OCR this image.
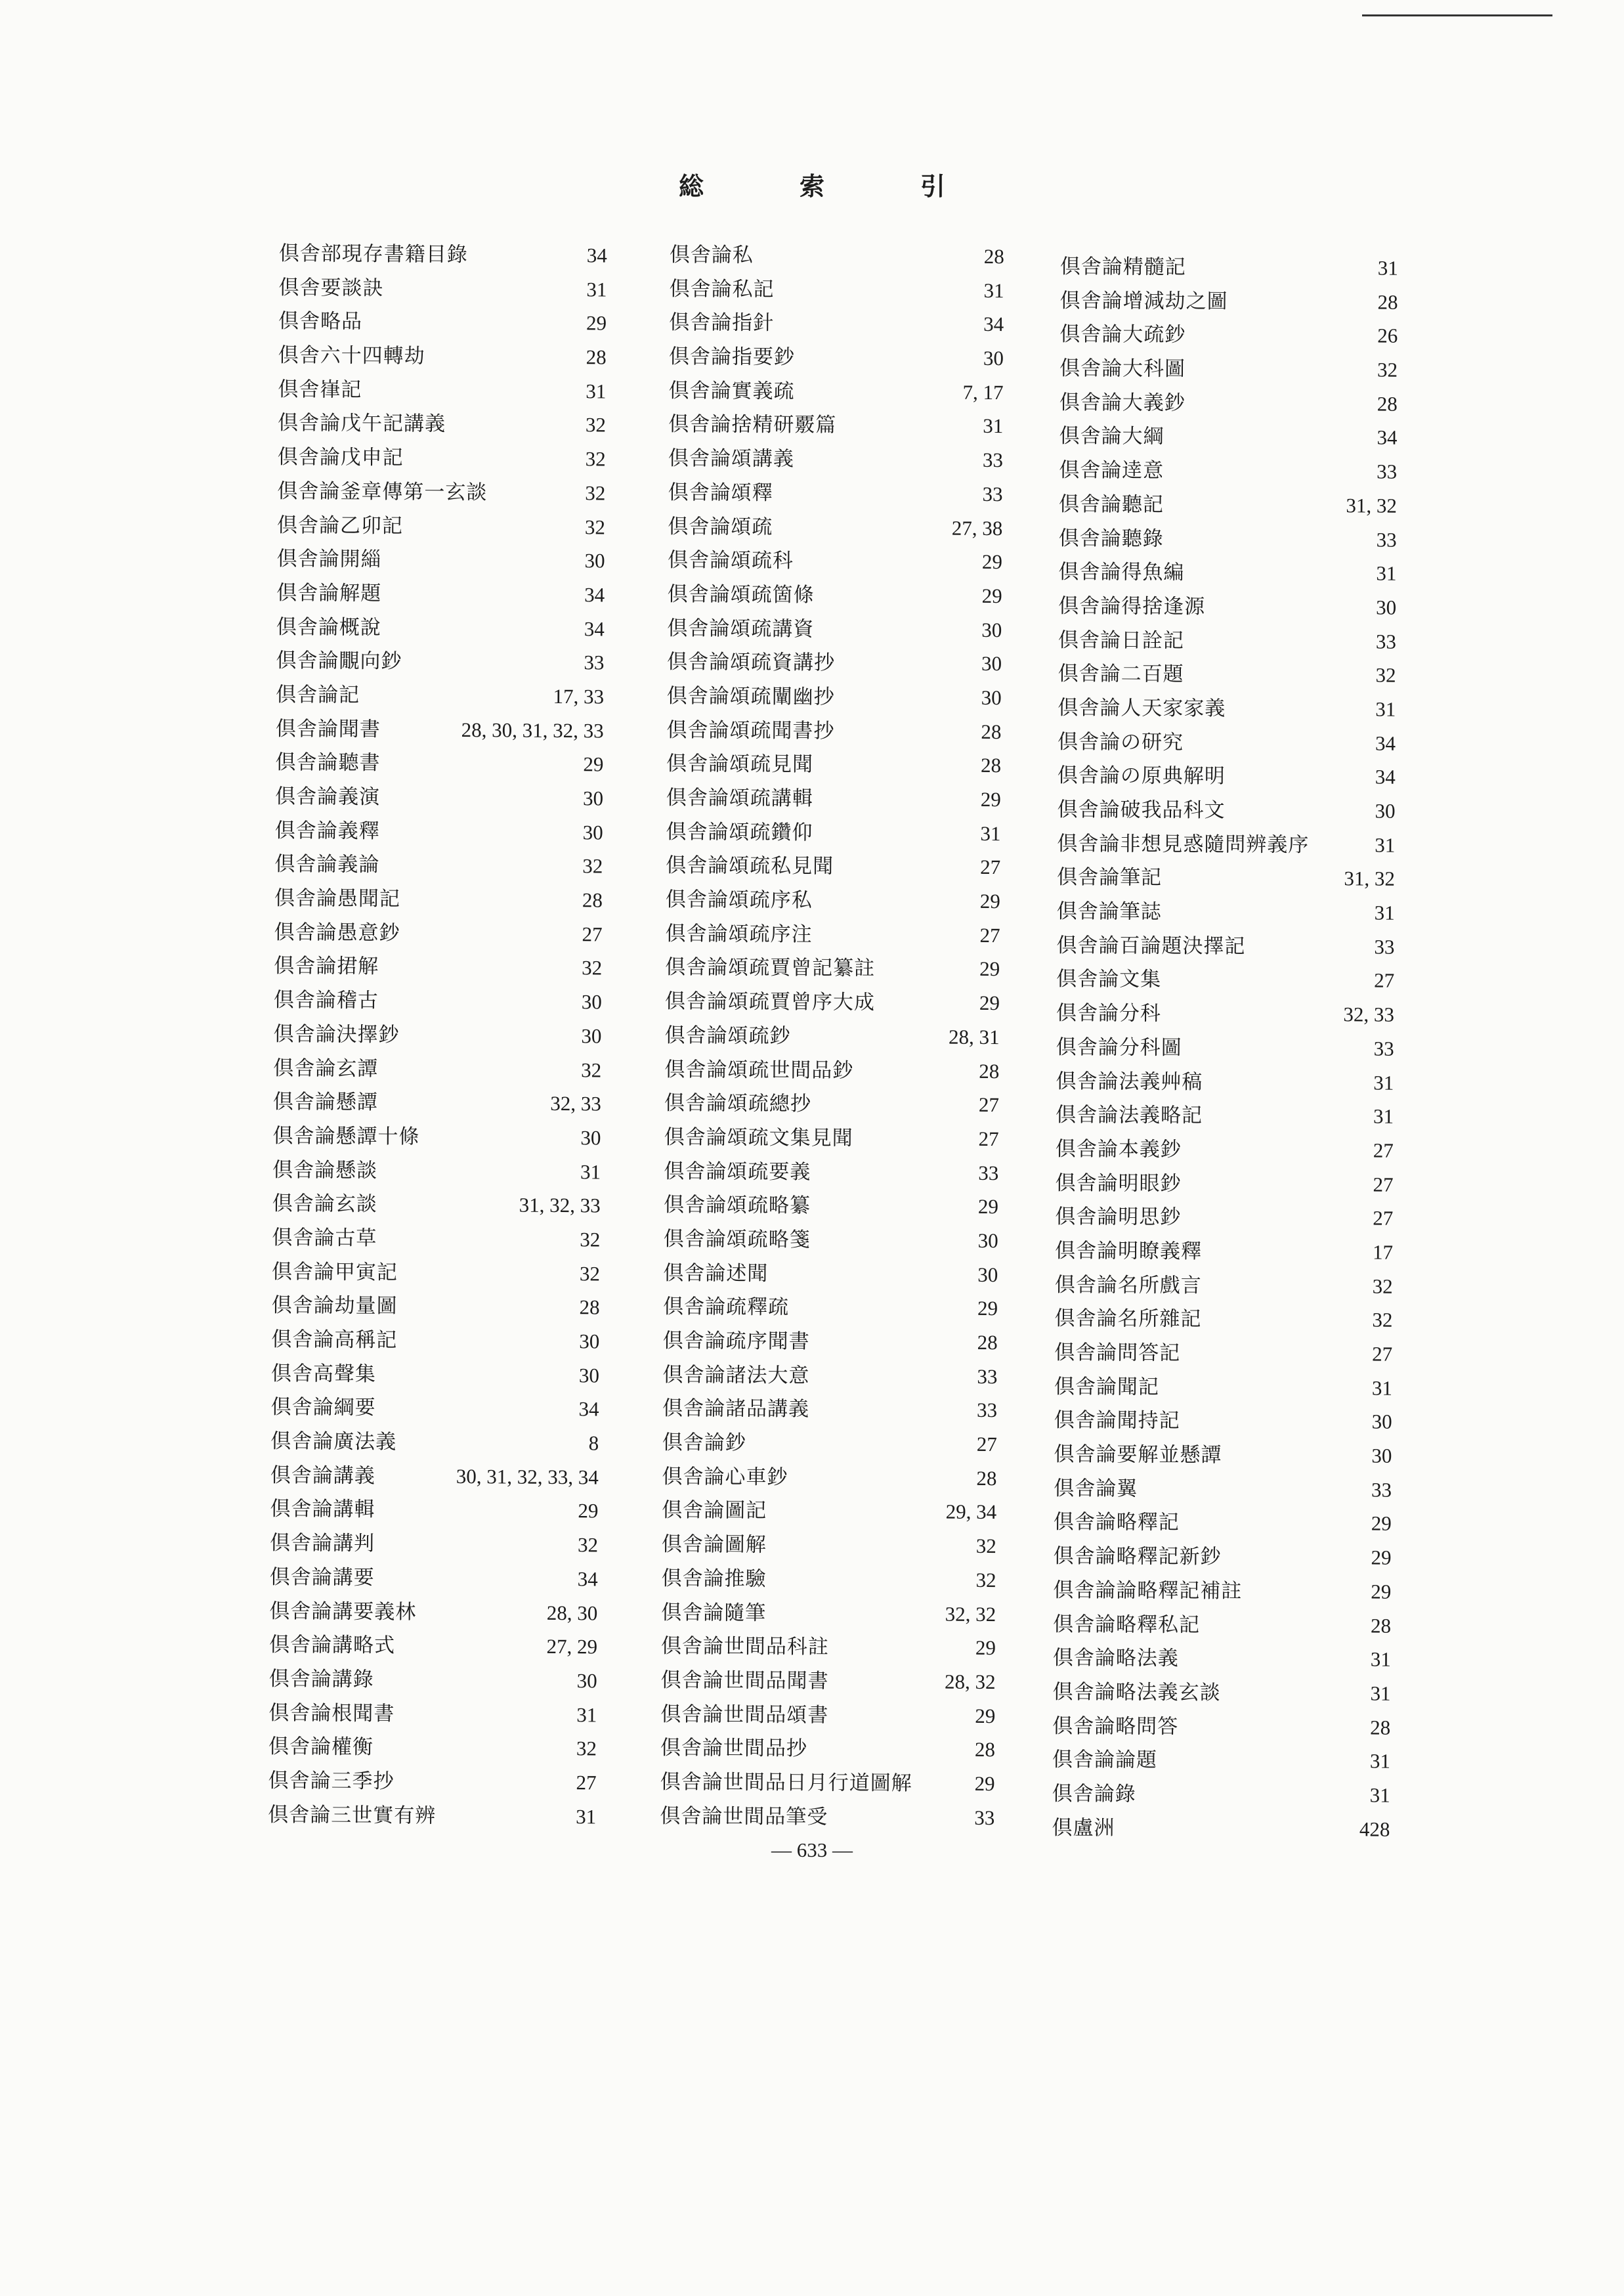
総　索　引
倶舎部現存書籍目錄	34
倶舎要談訣	31
倶舎略品	29
倶舎六十四轉劫	28
倶舎嵂記	31
倶舎論戊午記講義	32
倶舎論戊申記	32
倶舎論釜章傳第一玄談	32
倶舎論乙卯記	32
倶舎論開緇	30
倶舎論解題	34
倶舎論概說	34
倶舎論覵向鈔	33
倶舎論記	17, 33
倶舎論聞書	28, 30, 31, 32, 33
倶舎論聽書	29
倶舎論義演	30
倶舎論義釋	30
倶舎論義論	32
倶舎論愚聞記	28
倶舎論愚意鈔	27
倶舎論捃解	32
倶舎論稽古	30
倶舎論決擇鈔	30
倶舎論玄譚	32
倶舎論懸譚	32, 33
倶舎論懸譚十條	30
倶舎論懸談	31
倶舎論玄談	31, 32, 33
倶舎論古草	32
倶舎論甲寅記	32
倶舎論劫量圖	28
倶舎論高稱記	30
倶舎高聲集	30
倶舎論綱要	34
倶舎論廣法義	8
倶舎論講義	30, 31, 32, 33, 34
倶舎論講輯	29
倶舎論講判	32
倶舎論講要	34
倶舎論講要義林	28, 30
倶舎論講略式	27, 29
倶舎論講錄	30
倶舎論根聞書	31
倶舎論權衡	32
倶舎論三季抄	27
倶舎論三世實有辨	31
倶舎論私	28
倶舎論私記	31
倶舎論指針	34
倶舎論指要鈔	30
倶舎論實義疏	7, 17
倶舎論捨精研覈篇	31
倶舎論頌講義	33
倶舎論頌釋	33
倶舎論頌疏	27, 38
倶舎論頌疏科	29
倶舎論頌疏箇條	29
倶舎論頌疏講資	30
倶舎論頌疏資講抄	30
倶舎論頌疏闡幽抄	30
倶舎論頌疏聞書抄	28
倶舎論頌疏見聞	28
倶舎論頌疏講輯	29
倶舎論頌疏鑽仰	31
倶舎論頌疏私見聞	27
倶舎論頌疏序私	29
倶舎論頌疏序注	27
倶舎論頌疏賈曾記纂註	29
倶舎論頌疏賈曾序大成	29
倶舎論頌疏鈔	28, 31
倶舎論頌疏世間品鈔	28
倶舎論頌疏總抄	27
倶舎論頌疏文集見聞	27
倶舎論頌疏要義	33
倶舎論頌疏略纂	29
倶舎論頌疏略箋	30
倶舎論述聞	30
倶舎論疏釋疏	29
倶舎論疏序聞書	28
倶舎論諸法大意	33
倶舎論諸品講義	33
倶舎論鈔	27
倶舎論心車鈔	28
倶舎論圖記	29, 34
倶舎論圖解	32
倶舎論推驗	32
倶舎論隨筆	32, 32
倶舎論世間品科註	29
倶舎論世間品聞書	28, 32
倶舎論世間品頌書	29
倶舎論世間品抄	28
倶舎論世間品日月行道圖解	29
倶舎論世間品筆受	33
倶舎論精髓記	31
倶舎論增減劫之圖	28
倶舎論大疏鈔	26
倶舎論大科圖	32
倶舎論大義鈔	28
倶舎論大綱	34
倶舎論逹意	33
倶舎論聽記	31, 32
倶舎論聽錄	33
倶舎論得魚編	31
倶舎論得捨逢源	30
倶舎論日詮記	33
倶舎論二百題	32
倶舎論人天家家義	31
倶舎論の研究	34
倶舎論の原典解明	34
倶舎論破我品科文	30
倶舎論非想見惑隨問辨義序	31
倶舎論筆記	31, 32
倶舎論筆誌	31
倶舎論百論題決擇記	33
倶舎論文集	27
倶舎論分科	32, 33
倶舎論分科圖	33
倶舎論法義艸稿	31
倶舎論法義略記	31
倶舎論本義鈔	27
倶舎論明眼鈔	27
倶舎論明思鈔	27
倶舎論明瞭義釋	17
倶舎論名所戲言	32
倶舎論名所雜記	32
倶舎論問答記	27
倶舎論聞記	31
倶舎論聞持記	30
倶舎論要解並懸譚	30
倶舎論翼	33
倶舎論略釋記	29
倶舎論略釋記新鈔	29
倶舎論論略釋記補註	29
倶舎論略釋私記	28
倶舎論略法義	31
倶舎論略法義玄談	31
倶舎論略問答	28
倶舎論論題	31
倶舎論錄	31
倶盧洲	428
— 633 —
